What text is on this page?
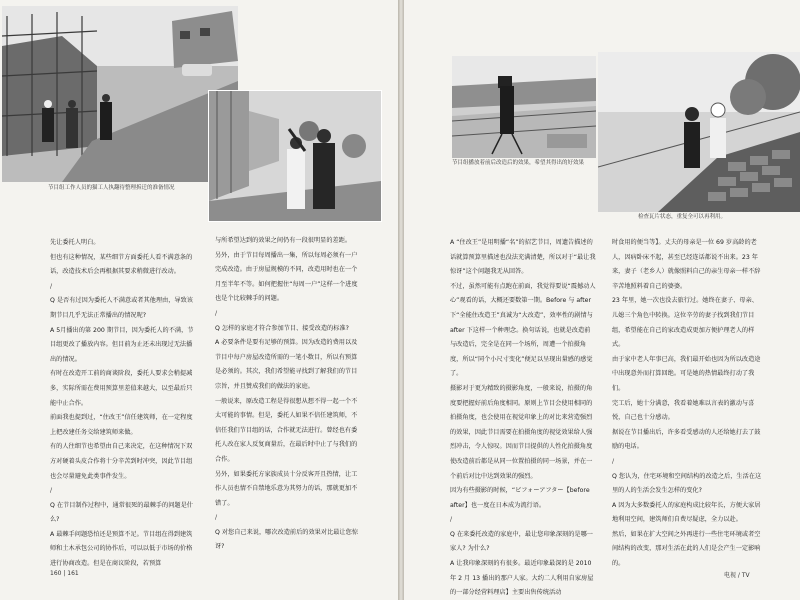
节目组工作人员的猫工人执翻待整理拆迁的准备情况

先让委托人明白。

但也有这种情况，某些细节方面委托人看不满意条的话，改造技术后会再根据其要求稍微进行改动。

/

Q 是否有过因为委托人不满意或者其他理由，导致该期节目几乎无法正常播出的情况呢?

A 5月播出的第 200 期节目，因为委托人的不满，节目组更改了播放内容。但目前为止还未出现过无法播出的情况。

有时在改造开工前的商谈阶段，委托人要求会稍提减多，实际所需在费用预算里差值来越大，以至最后只能中止合作。

前面我也提到过，“住改王”信任建筑师，在一定程度上把改建任务交给建筑师来做。

有的人往细节也希望由自己来决定，在这种情况下双方对硬着头皮合作将十分辛苦到时冲突，因此节目组也会尽量避免此类事件发生。

/

Q 在节目制作过程中，通常很死的最棘手的问题是什么?

A 最棘手问题恐怕还是预算不足。节目组在得到建筑师和土木承包公司的协作后，可以以低于市场的价格进行协商改造。但是在商议阶段，若预算

与所希望达到的效果之间仍有一段很明显的差距。

另外，由于节目每周播出一集，所以每周必须有一户完成改造。由于房屋规模的不同，改造用时也在一个月至半年不等。如何把握住“每周一户”这样一个进度也是个比较棘手的问题。

/

Q 怎样的家庭才符合参加节目、接受改造的标准?

A 必要条件是要有足够的预算。因为改造的费用以及节目中每户房屋改造所需的一笔小数目，所以有预算是必须的。其次，我们希望能寻找到了解我们的节目宗旨，并且赞成我们的做法的家庭。

一般说来，原改造工程是得很想从想不得一起一个不太可能的事情。但是，委托人如果不信任建筑师，不信任我们节目组的话，合作就无法进行。曾经也有委托人改在家人反复商量后，在最后时中止了与我们的合作。

另外，如果委托方家族成员十分反客开且热情，让工作人员也情不自禁地乐意为其努力的话，那就更加不错了。

/

Q 对您自己来说，哪次改造前后的效果对比最让您惊讶?

160 | 161
节目组播放着前后改造后的效果，希望其得出的好效果
检查瓦片状态，重复全可以再利用。

A “住改王”是用明播“名”的招艺节目，周遗告描述的话就算预算里描述也没法充满清楚，所以对于“最让我惊讶”这个问题我无从回答。

不过，虽然可能有点跑在前面，我觉得要说“震撼动人心”观看的话，大概还要数第一期。Before 与 after 下“全能住改造王”真诚为“大改造”，效率性的剧情与 after 下这样一个种理念。换句话说，也就是改造前与改造后，完全是在同一个场所，周遭一个拍摄角度，所以“同个小尺寸变化”便足以呈现出量感的感觉了。

摄影对于更为精致的摄影角度，一般来说，拍摄的角度要把握好前后角度相同。原则上节目会使用相同的拍摄角度，也会使用在视觉印象上的对比来营造强烈的效果，因此节目需要在拍摄角度的视觉效果给人强烈冲击，令人惊叹。因而节目提供的人性化拍摄角度使改造前后都是从同一位置拍摄的同一场景，并在一个前后对比中达到效果的强烈。

因为有些摄影的时候，“ビフォーアフター【before after】也一度在日本成为流行语。

/

Q 在来委托改造的家庭中，最让您印象深刻的是哪一家人? 为什么?

A 让我印象深刻的有很多。最近印象最深的是 2010 年 2 月 13 播出的那户人家。大约二人利用自家房屋的一部分经营料理店】主要出售传统活动

时食用的便当等】。丈夫的母亲是一位 69 岁高龄的老人，因病卧床不起，甚至已经连话都说不出来。23 年来，妻子（老乡人）就像照料自己的亲生母亲一样不辞辛苦地照料着自己的婆婆。

23 年里，她一次也没去旅行过。她终在妻子、母亲、儿媳三个角色中转换。这位辛劳的妻子找到我们节目组，希望能在自己的家改造成更加方便护理老人的样式。

由于家中老人年事已高，我们最开始也因为所以改造途中出现意外而打算回绝。可是她的热情最终打动了我们。

完工后，她十分满意，我看着她难以言表的激动与喜悦，自己也十分感动。

据说在节目播出后，许多看受感动的人还给她打去了鼓励的电话。

/

Q 您认为，住宅环境和空间结构的改造之后，生活在这里的人的生活会发生怎样的变化?

A 因为大多数委托人的家庭构成比较年长，方便大家居地利用空间，建筑师们自费尽疑虑，全力以赴。

然后，如果在扩大空间之外再进行一些住宅环境或者空间结构的改变，那对生活在此的人们是会产生一定影响的。

电视 / TV
